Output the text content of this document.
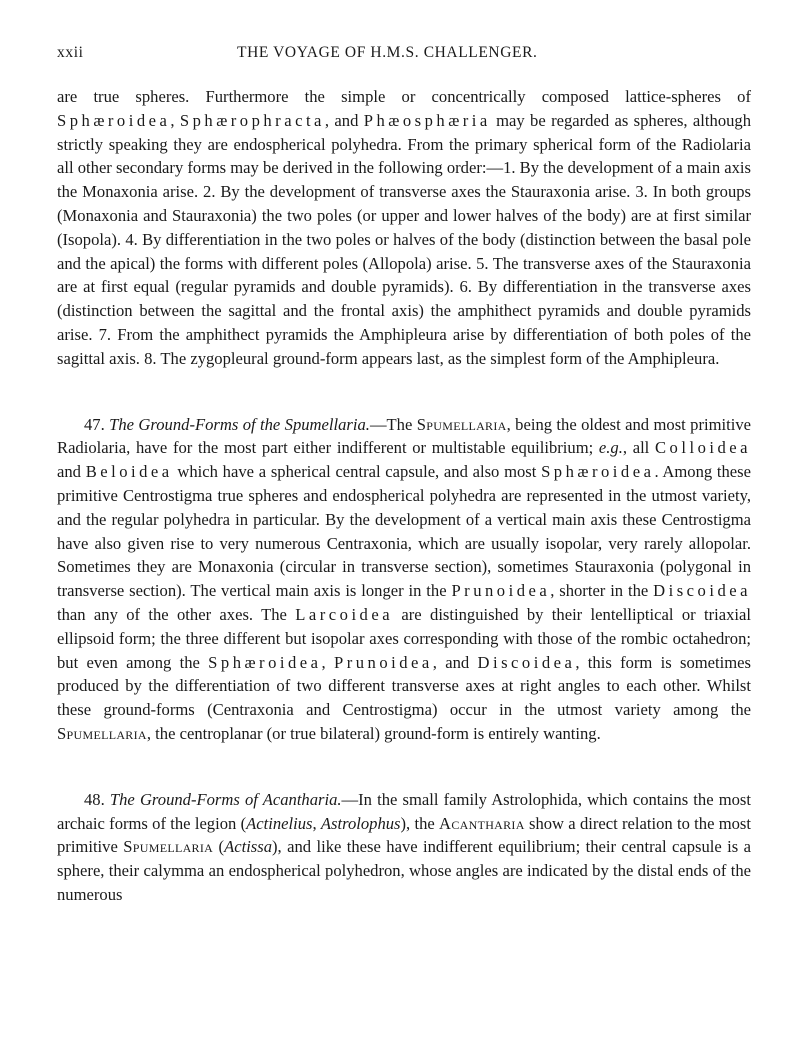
xxii	THE VOYAGE OF H.M.S. CHALLENGER.

are true spheres. Furthermore the simple or concentrically composed lattice-spheres of Sphæroidea, Sphærophracta, and Phæosphæria may be regarded as spheres, although strictly speaking they are endospherical polyhedra. From the primary spherical form of the Radiolaria all other secondary forms may be derived in the following order:—1. By the development of a main axis the Monaxonia arise. 2. By the development of transverse axes the Stauraxonia arise. 3. In both groups (Monaxonia and Stauraxonia) the two poles (or upper and lower halves of the body) are at first similar (Isopola). 4. By differentiation in the two poles or halves of the body (distinction between the basal pole and the apical) the forms with different poles (Allopola) arise. 5. The transverse axes of the Stauraxonia are at first equal (regular pyramids and double pyramids). 6. By differentiation in the transverse axes (distinction between the sagittal and the frontal axis) the amphithect pyramids and double pyramids arise. 7. From the amphithect pyramids the Amphipleura arise by differentiation of both poles of the sagittal axis. 8. The zygopleural ground-form appears last, as the simplest form of the Amphipleura.

47. The Ground-Forms of the Spumellaria.—The Spumellaria, being the oldest and most primitive Radiolaria, have for the most part either indifferent or multistable equilibrium; e.g., all Colloidea and Beloidea which have a spherical central capsule, and also most Sphæroidea. Among these primitive Centrostigma true spheres and endospherical polyhedra are represented in the utmost variety, and the regular polyhedra in particular. By the development of a vertical main axis these Centrostigma have also given rise to very numerous Centraxonia, which are usually isopolar, very rarely allopolar. Sometimes they are Monaxonia (circular in transverse section), sometimes Stauraxonia (polygonal in transverse section). The vertical main axis is longer in the Prunoidea, shorter in the Discoidea than any of the other axes. The Larcoidea are distinguished by their lentelliptical or triaxial ellipsoid form; the three different but isopolar axes corresponding with those of the rombic octahedron; but even among the Sphæroidea, Prunoidea, and Discoidea, this form is sometimes produced by the differentiation of two different transverse axes at right angles to each other. Whilst these ground-forms (Centraxonia and Centrostigma) occur in the utmost variety among the Spumellaria, the centroplanar (or true bilateral) ground-form is entirely wanting.

48. The Ground-Forms of Acantharia.—In the small family Astrolophida, which contains the most archaic forms of the legion (Actinelius, Astrolophus), the Acantharia show a direct relation to the most primitive Spumellaria (Actissa), and like these have indifferent equilibrium; their central capsule is a sphere, their calymma an endospherical polyhedron, whose angles are indicated by the distal ends of the numerous
